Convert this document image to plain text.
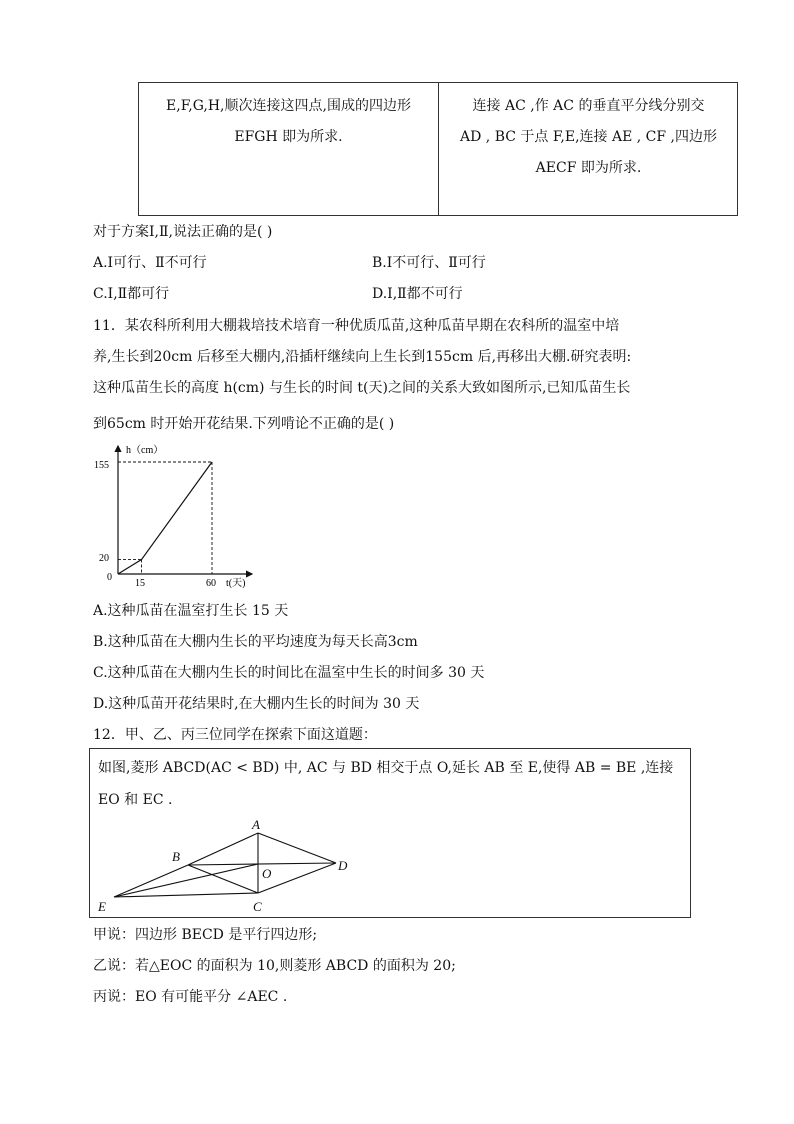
E,F,G,H,顺次连接这四点,围成的四边形
EFGH 即为所求.
连接 AC ,作 AC 的垂直平分线分别交
AD , BC 于点 F,E,连接 AE , CF ,四边形
AECF 即为所求.
对于方案Ⅰ,Ⅱ,说法正确的是( )
A.Ⅰ可行、Ⅱ不可行	B.Ⅰ不可行、Ⅱ可行
C.Ⅰ,Ⅱ都可行	D.Ⅰ,Ⅱ都不可行
11．某农科所利用大棚栽培技术培育一种优质瓜苗,这种瓜苗早期在农科所的温室中培
养,生长到20cm 后移至大棚内,沿插杆继续向上生长到155cm 后,再移出大棚.研究表明:
这种瓜苗生长的高度 h(cm) 与生长的时间 t(天)之间的关系大致如图所示,已知瓜苗生长
到65cm 时开始开花结果.下列啃论不正确的是( )
h（cm）
t(天)
0
155
20
15	60
A.这种瓜苗在温室打生长 15 天
B.这种瓜苗在大棚内生长的平均速度为每天长高3cm
C.这种瓜苗在大棚内生长的时间比在温室中生长的时间多 30 天
D.这种瓜苗开花结果时,在大棚内生长的时间为 30 天
12．甲、乙、丙三位同学在探索下面这道题：
如图,菱形 ABCD(AC < BD) 中, AC 与 BD 相交于点 O,延长 AB 至 E,使得 AB = BE ,连接
EO 和 EC .
A
B
C
D
E
O
甲说：四边形 BECD 是平行四边形;
乙说：若△EOC 的面积为 10,则菱形 ABCD 的面积为 20;
丙说：EO 有可能平分 ∠AEC .
